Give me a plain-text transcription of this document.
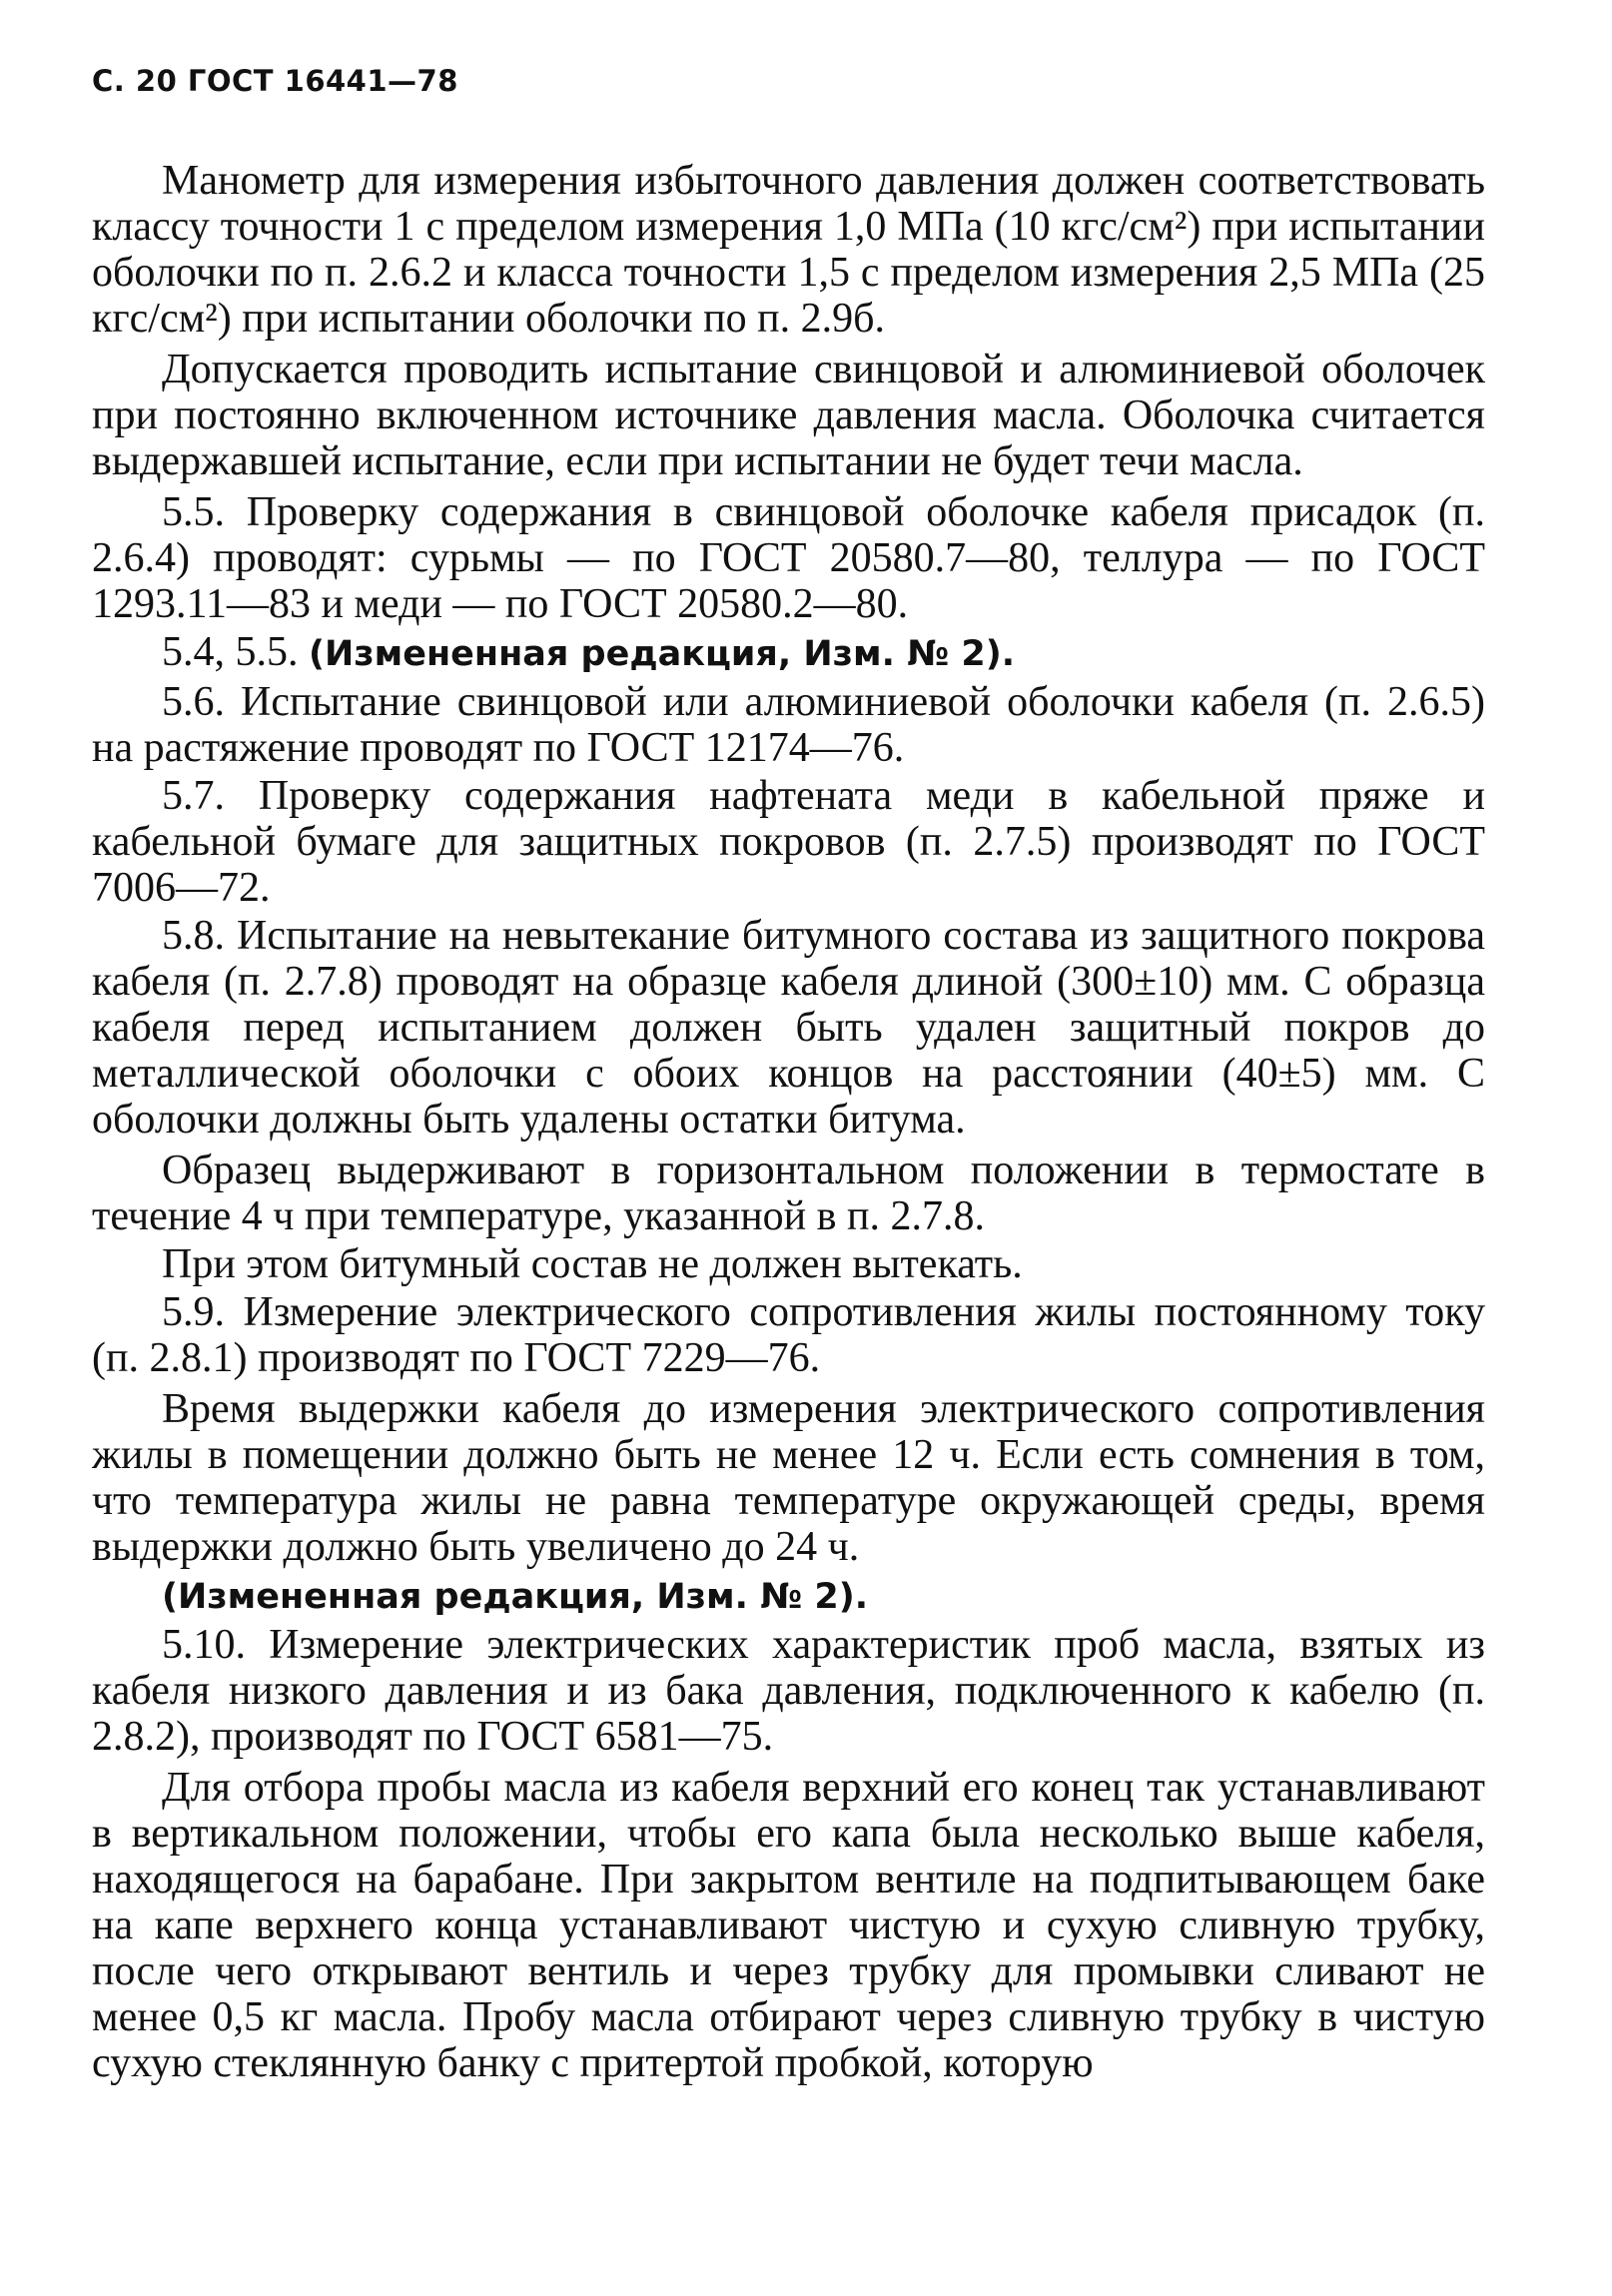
С. 20 ГОСТ 16441—78

Манометр для измерения избыточного давления должен соответствовать классу точности 1 с пределом измерения 1,0 МПа (10 кгс/см²) при испытании оболочки по п. 2.6.2 и класса точности 1,5 с пределом измерения 2,5 МПа (25 кгс/см²) при испытании оболочки по п. 2.9б.

Допускается проводить испытание свинцовой и алюминиевой оболочек при постоянно включенном источнике давления масла. Оболочка считается выдержавшей испытание, если при испытании не будет течи масла.

5.5. Проверку содержания в свинцовой оболочке кабеля присадок (п. 2.6.4) проводят: сурьмы — по ГОСТ 20580.7—80, теллура — по ГОСТ 1293.11—83 и меди — по ГОСТ 20580.2—80.

5.4, 5.5. (Измененная редакция, Изм. № 2).

5.6. Испытание свинцовой или алюминиевой оболочки кабеля (п. 2.6.5) на растяжение проводят по ГОСТ 12174—76.

5.7. Проверку содержания нафтената меди в кабельной пряже и кабельной бумаге для защитных покровов (п. 2.7.5) производят по ГОСТ 7006—72.

5.8. Испытание на невытекание битумного состава из защитного покрова кабеля (п. 2.7.8) проводят на образце кабеля длиной (300±10) мм. С образца кабеля перед испытанием должен быть удален защитный покров до металлической оболочки с обоих концов на расстоянии (40±5) мм. С оболочки должны быть удалены остатки битума.

Образец выдерживают в горизонтальном положении в термостате в течение 4 ч при температуре, указанной в п. 2.7.8.

При этом битумный состав не должен вытекать.

5.9. Измерение электрического сопротивления жилы постоянному току (п. 2.8.1) производят по ГОСТ 7229—76.

Время выдержки кабеля до измерения электрического сопротивления жилы в помещении должно быть не менее 12 ч. Если есть сомнения в том, что температура жилы не равна температуре окружающей среды, время выдержки должно быть увеличено до 24 ч.

(Измененная редакция, Изм. № 2).

5.10. Измерение электрических характеристик проб масла, взятых из кабеля низкого давления и из бака давления, подключенного к кабелю (п. 2.8.2), производят по ГОСТ 6581—75.

Для отбора пробы масла из кабеля верхний его конец так устанавливают в вертикальном положении, чтобы его капа была несколько выше кабеля, находящегося на барабане. При закрытом вентиле на подпитывающем баке на капе верхнего конца устанавливают чистую и сухую сливную трубку, после чего открывают вентиль и через трубку для промывки сливают не менее 0,5 кг масла. Пробу масла отбирают через сливную трубку в чистую сухую стеклянную банку с притертой пробкой, которую
